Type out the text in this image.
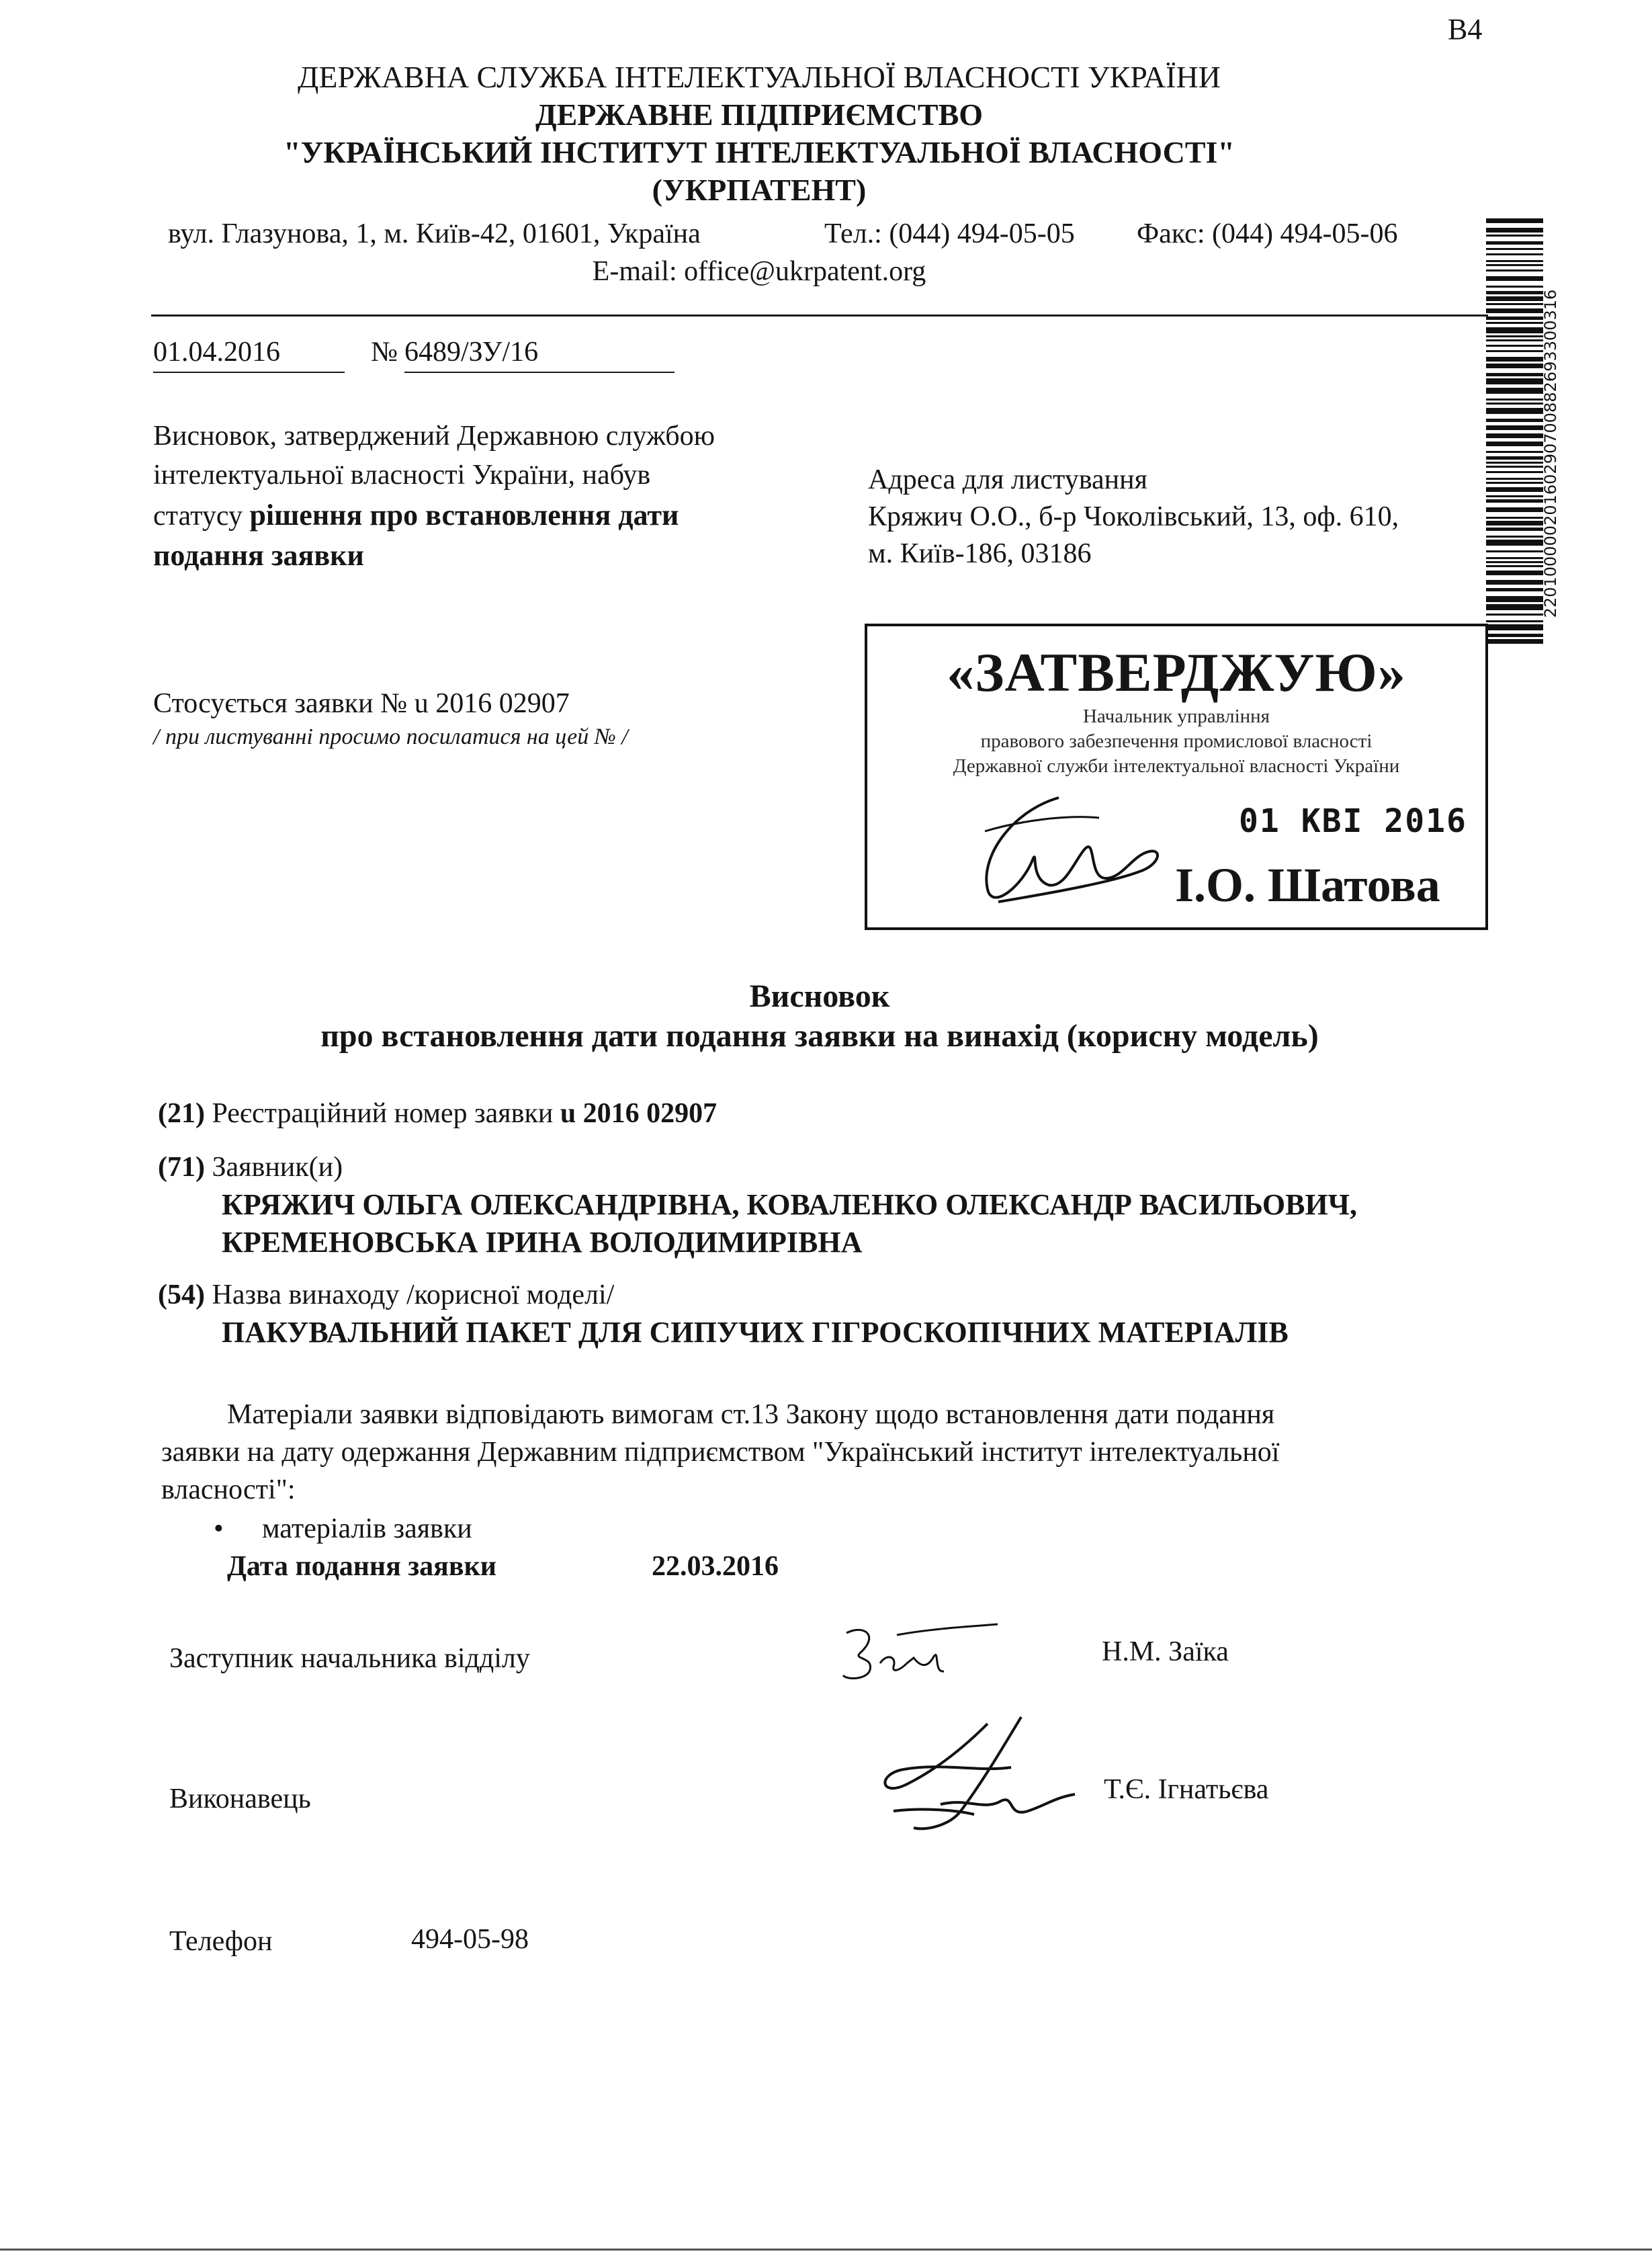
B4
ДЕРЖАВНА СЛУЖБА ІНТЕЛЕКТУАЛЬНОЇ ВЛАСНОСТІ УКРАЇНИ
ДЕРЖАВНЕ ПІДПРИЄМСТВО
"УКРАЇНСЬКИЙ ІНСТИТУТ ІНТЕЛЕКТУАЛЬНОЇ ВЛАСНОСТІ"
(УКРПАТЕНТ)
вул. Глазунова, 1, м. Київ-42, 01601, Україна	Тел.: (044) 494-05-05 Факс: (044) 494-05-06
E-mail: office@ukrpatent.org
22010000020160290700882693300316
01.04.2016	№ 6489/ЗУ/16
Висновок, затверджений Державною службою
інтелектуальної власності України, набув
статусу рішення про встановлення дати
подання заявки
Адреса для листування
Кряжич О.О., б-р Чоколівський, 13, оф. 610,
м. Київ-186, 03186
Стосується заявки № u 2016 02907
/ при листуванні просимо посилатися на цей № /
«ЗАТВЕРДЖУЮ»
Начальник управління
правового забезпечення промислової власності
Державної служби інтелектуальної власності України
01 КВІ 2016
І.О. Шатова
Висновок
про встановлення дати подання заявки на винахід (корисну модель)
(21) Реєстраційний номер заявки u 2016 02907
(71) Заявник(и)
КРЯЖИЧ ОЛЬГА ОЛЕКСАНДРІВНА, КОВАЛЕНКО ОЛЕКСАНДР ВАСИЛЬОВИЧ,
КРЕМЕНОВСЬКА ІРИНА ВОЛОДИМИРІВНА
(54) Назва винаходу /корисної моделі/
ПАКУВАЛЬНИЙ ПАКЕТ ДЛЯ СИПУЧИХ ГІГРОСКОПІЧНИХ МАТЕРІАЛІВ
Матеріали заявки відповідають вимогам ст.13 Закону щодо встановлення дати подання
заявки на дату одержання Державним підприємством "Український інститут інтелектуальної
власності":
• матеріалів заявки
Дата подання заявки	22.03.2016
Заступник начальника відділу	Н.М. Заїка
Виконавець	Т.Є. Ігнатьєва
Телефон	494-05-98
